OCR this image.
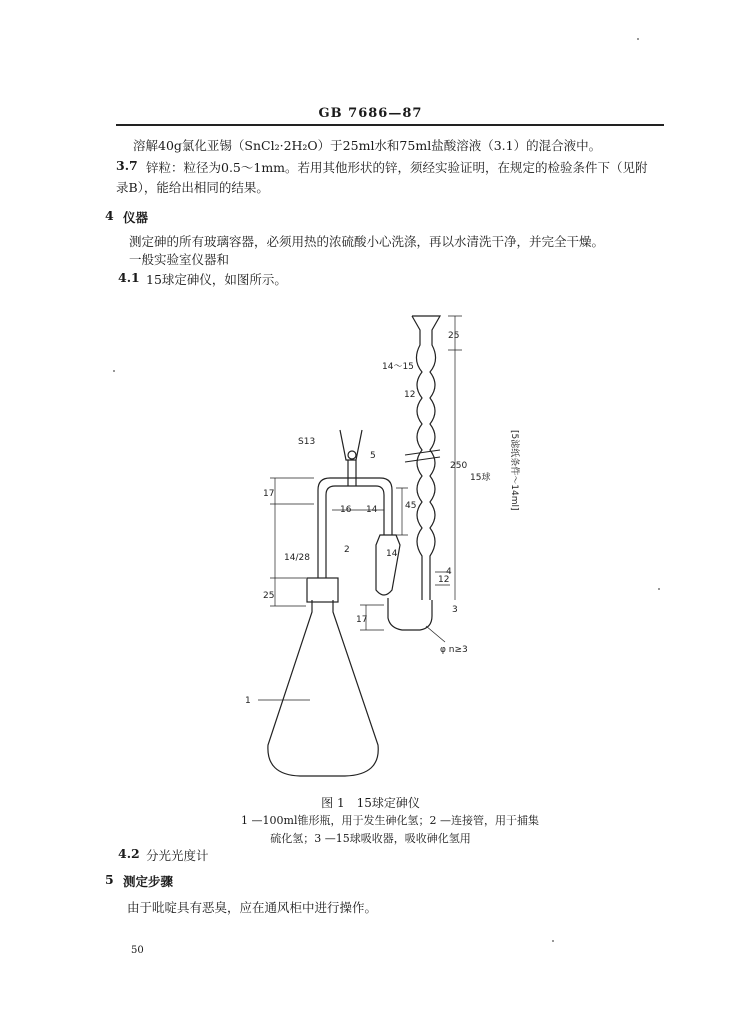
GB 7686—87
溶解40g氯化亚锡（SnCl₂·2H₂O）于25ml水和75ml盐酸溶液（3.1）的混合液中。
3.7 锌粒：粒径为0.5～1mm。若用其他形状的锌，须经实验证明，在规定的检验条件下（见附
录B），能给出相同的结果。
4 仪器
测定砷的所有玻璃容器，必须用热的浓硫酸小心洗涤，再以水清洗干净，并完全干燥。
一般实验室仪器和
4.1 15球定砷仪，如图所示。
S13
5
17
16 14	45
14/28
2	14
25
1
14～15
12
25
250
15球
12
4
3
17
φ n≥3
[5滤纸条件～14ml]
图 1　15球定砷仪
1 —100ml锥形瓶，用于发生砷化氢；2 —连接管，用于捕集
硫化氢；3 —15球吸收器，吸收砷化氢用
4.2 分光光度计
5 测定步骤
由于吡啶具有恶臭，应在通风柜中进行操作。
50
